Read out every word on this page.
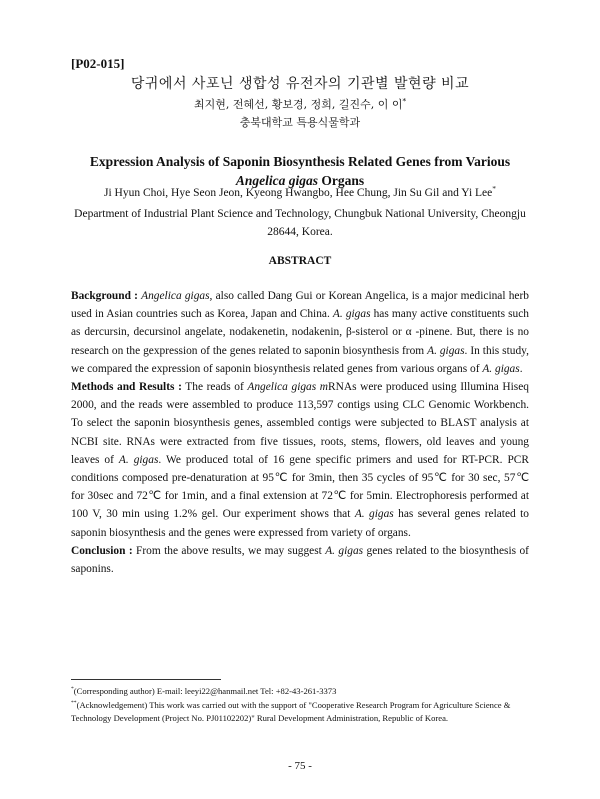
[P02-015]
당귀에서 사포닌 생합성 유전자의 기관별 발현량 비교
최지현, 전혜선, 황보경, 정희, 길진수, 이 이*
충북대학교 특용식물학과
Expression Analysis of Saponin Biosynthesis Related Genes from Various
Angelica gigas Organs
Ji Hyun Choi, Hye Seon Jeon, Kyeong Hwangbo, Hee Chung, Jin Su Gil and Yi Lee*
Department of Industrial Plant Science and Technology, Chungbuk National University, Cheongju 28644, Korea.
ABSTRACT

Background : Angelica gigas, also called Dang Gui or Korean Angelica, is a major medicinal herb used in Asian countries such as Korea, Japan and China. A. gigas has many active constituents such as dercursin, decursinol angelate, nodakenetin, nodakenin, β-sisterol or α -pinene. But, there is no research on the gexpression of the genes related to saponin biosynthesis from A. gigas. In this study, we compared the expression of saponin biosynthesis related genes from various organs of A. gigas.

Methods and Results : The reads of Angelica gigas mRNAs were produced using Illumina Hiseq 2000, and the reads were assembled to produce 113,597 contigs using CLC Genomic Workbench. To select the saponin biosynthesis genes, assembled contigs were subjected to BLAST analysis at NCBI site. RNAs were extracted from five tissues, roots, stems, flowers, old leaves and young leaves of A. gigas. We produced total of 16 gene specific primers and used for RT-PCR. PCR conditions composed pre-denaturation at 95℃ for 3min, then 35 cycles of 95℃ for 30 sec, 57℃ for 30sec and 72℃ for 1min, and a final extension at 72℃ for 5min. Electrophoresis performed at 100 V, 30 min using 1.2% gel. Our experiment shows that A. gigas has several genes related to saponin biosynthesis and the genes were expressed from variety of organs.

Conclusion : From the above results, we may suggest A. gigas genes related to the biosynthesis of saponins.

*(Corresponding author) E-mail: leeyi22@hanmail.net Tel: +82-43-261-3373

**(Acknowledgement) This work was carried out with the support of "Cooperative Research Program for Agriculture Science & Technology Development (Project No. PJ01102202)" Rural Development Administration, Republic of Korea.

- 75 -
